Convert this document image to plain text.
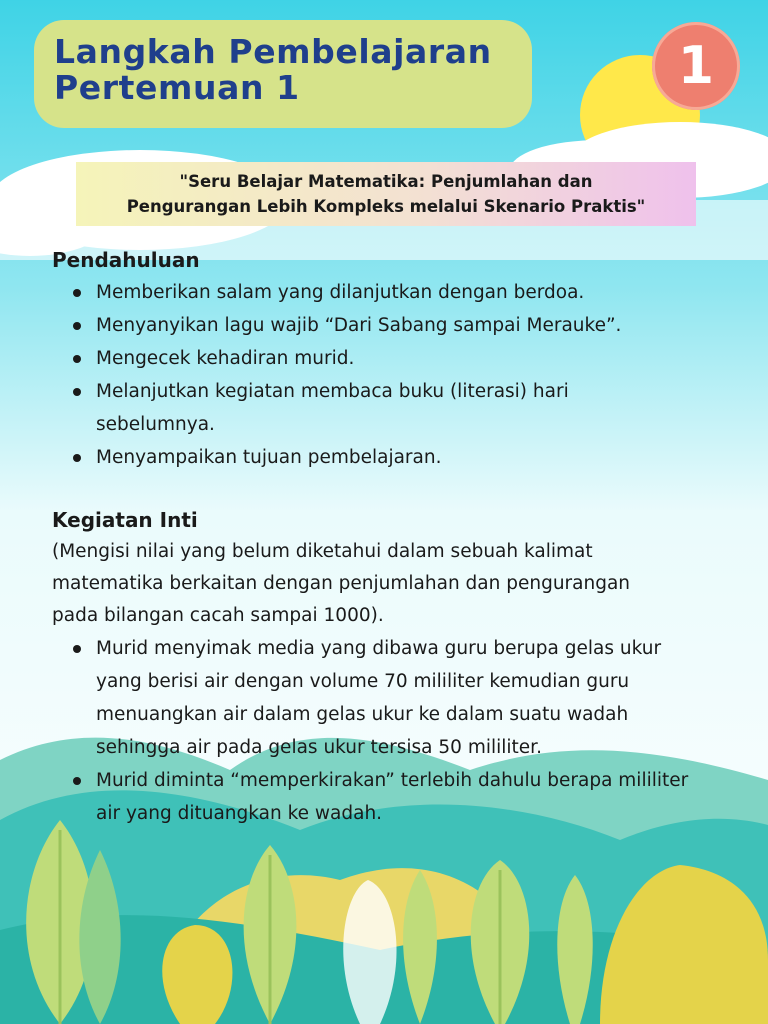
Langkah Pembelajaran
Pertemuan 1	1
"Seru Belajar Matematika: Penjumlahan dan
Pengurangan Lebih Kompleks melalui Skenario Praktis"

Pendahuluan

Memberikan salam yang dilanjutkan dengan berdoa.

Menyanyikan lagu wajib “Dari Sabang sampai Merauke”.

Mengecek kehadiran murid.

Melanjutkan kegiatan membaca buku (literasi) hari sebelumnya.

Menyampaikan tujuan pembelajaran.

Kegiatan Inti

(Mengisi nilai yang belum diketahui dalam sebuah kalimat matematika berkaitan dengan penjumlahan dan pengurangan pada bilangan cacah sampai 1000).

Murid menyimak media yang dibawa guru berupa gelas ukur yang berisi air dengan volume 70 mililiter kemudian guru menuangkan air dalam gelas ukur ke dalam suatu wadah sehingga air pada gelas ukur tersisa 50 mililiter.

Murid diminta “memperkirakan” terlebih dahulu berapa mililiter air yang dituangkan ke wadah.
